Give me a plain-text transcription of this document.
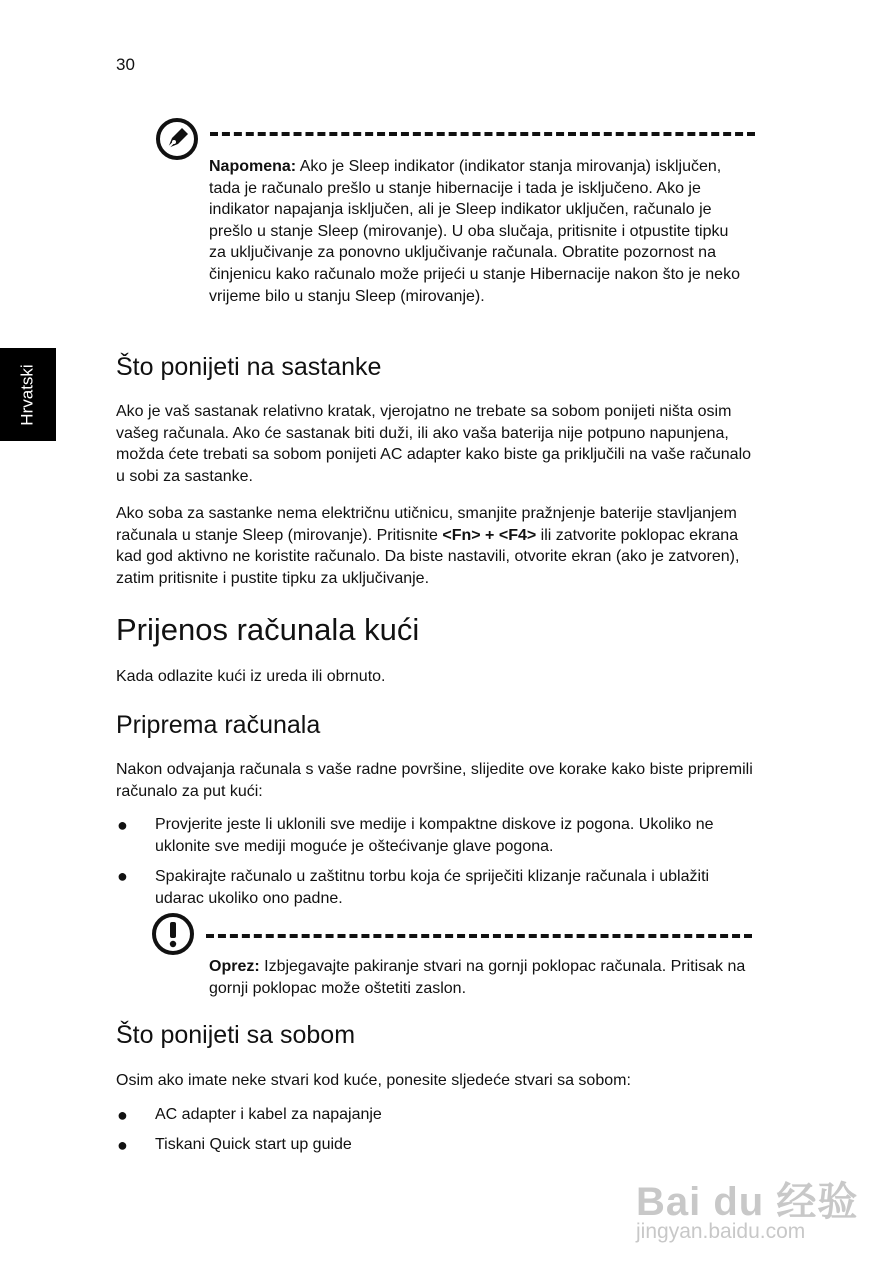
30
Hrvatski
Napomena: Ako je Sleep indikator (indikator stanja mirovanja) isključen, tada je računalo prešlo u stanje hibernacije i tada je isključeno. Ako je indikator napajanja isključen, ali je Sleep indikator uključen, računalo je prešlo u stanje Sleep (mirovanje). U oba slučaja, pritisnite i otpustite tipku za uključivanje za ponovno uključivanje računala. Obratite pozornost na činjenicu kako računalo može prijeći u stanje Hibernacije nakon što je neko vrijeme bilo u stanju Sleep (mirovanje).
Što ponijeti na sastanke

Ako je vaš sastanak relativno kratak, vjerojatno ne trebate sa sobom ponijeti ništa osim vašeg računala. Ako će sastanak biti duži, ili ako vaša baterija nije potpuno napunjena, možda ćete trebati sa sobom ponijeti AC adapter kako biste ga priključili na vaše računalo u sobi za sastanke.

Ako soba za sastanke nema električnu utičnicu, smanjite pražnjenje baterije stavljanjem računala u stanje Sleep (mirovanje). Pritisnite <Fn> + <F4> ili zatvorite poklopac ekrana kad god aktivno ne koristite računalo. Da biste nastavili, otvorite ekran (ako je zatvoren), zatim pritisnite i pustite tipku za uključivanje.

Prijenos računala kući

Kada odlazite kući iz ureda ili obrnuto.

Priprema računala

Nakon odvajanja računala s vaše radne površine, slijedite ove korake kako biste pripremili računalo za put kući:

● Provjerite jeste li uklonili sve medije i kompaktne diskove iz pogona. Ukoliko ne uklonite sve mediji moguće je oštećivanje glave pogona.

● Spakirajte računalo u zaštitnu torbu koja će spriječiti klizanje računala i ublažiti udarac ukoliko ono padne.

Oprez: Izbjegavajte pakiranje stvari na gornji poklopac računala. Pritisak na gornji poklopac može oštetiti zaslon.
Što ponijeti sa sobom

Osim ako imate neke stvari kod kuće, ponesite sljedeće stvari sa sobom:

● AC adapter i kabel za napajanje

● Tiskani Quick start up guide

Bai du 经验
jingyan.baidu.com
